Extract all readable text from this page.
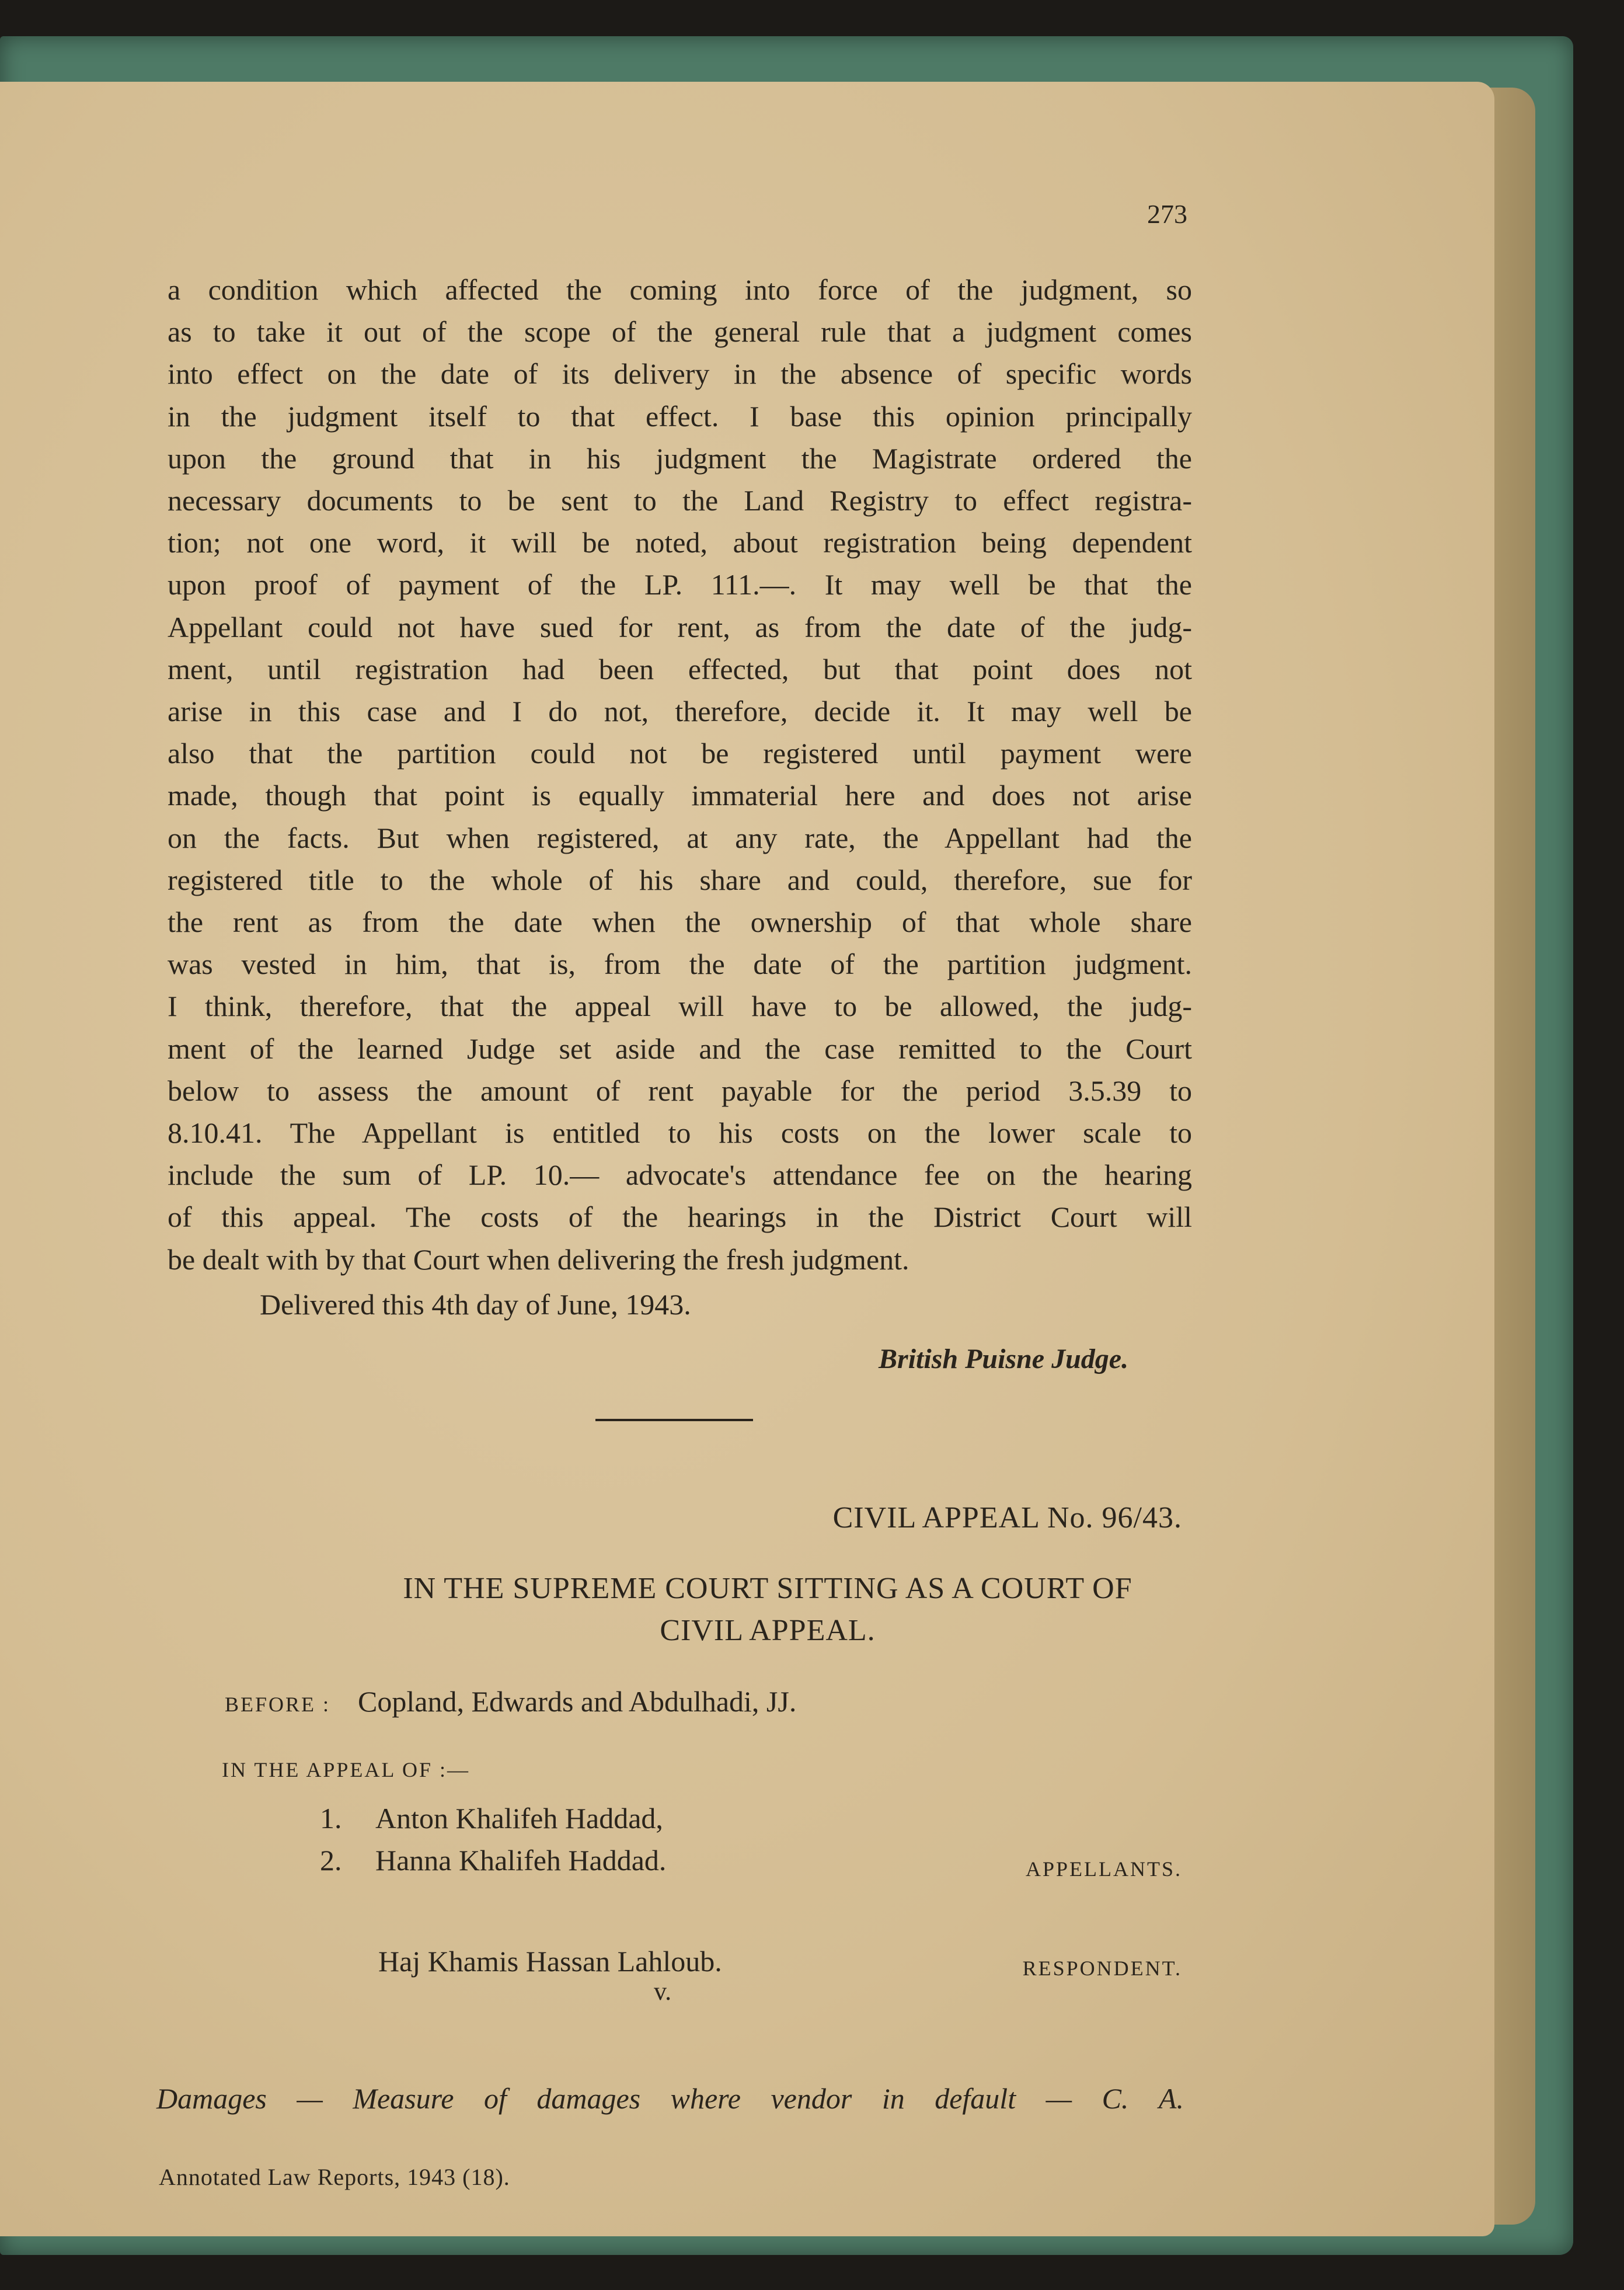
273
a condition which affected the coming into force of the judgment, so
as to take it out of the scope of the general rule that a judgment comes
into effect on the date of its delivery in the absence of specific words
in the judgment itself to that effect. I base this opinion principally
upon the ground that in his judgment the Magistrate ordered the
necessary documents to be sent to the Land Registry to effect registra-
tion; not one word, it will be noted, about registration being dependent
upon proof of payment of the LP. 111.—. It may well be that the
Appellant could not have sued for rent, as from the date of the judg-
ment, until registration had been effected, but that point does not
arise in this case and I do not, therefore, decide it. It may well be
also that the partition could not be registered until payment were
made, though that point is equally immaterial here and does not arise
on the facts. But when registered, at any rate, the Appellant had the
registered title to the whole of his share and could, therefore, sue for
the rent as from the date when the ownership of that whole share
was vested in him, that is, from the date of the partition judgment.
I think, therefore, that the appeal will have to be allowed, the judg-
ment of the learned Judge set aside and the case remitted to the Court
below to assess the amount of rent payable for the period 3.5.39 to
8.10.41. The Appellant is entitled to his costs on the lower scale to
include the sum of LP. 10.— advocate's attendance fee on the hearing
of this appeal. The costs of the hearings in the District Court will
be dealt with by that Court when delivering the fresh judgment.
Delivered this 4th day of June, 1943.
British Puisne Judge.
CIVIL APPEAL No. 96/43.
IN THE SUPREME COURT SITTING AS A COURT OF
CIVIL APPEAL.
BEFORE : Copland, Edwards and Abdulhadi, JJ.
IN THE APPEAL OF :—
1. Anton Khalifeh Haddad,
2. Hanna Khalifeh Haddad.	APPELLANTS.
v.
Haj Khamis Hassan Lahloub.	RESPONDENT.
Damages — Measure of damages where vendor in default — C. A.
Annotated Law Reports, 1943 (18).
